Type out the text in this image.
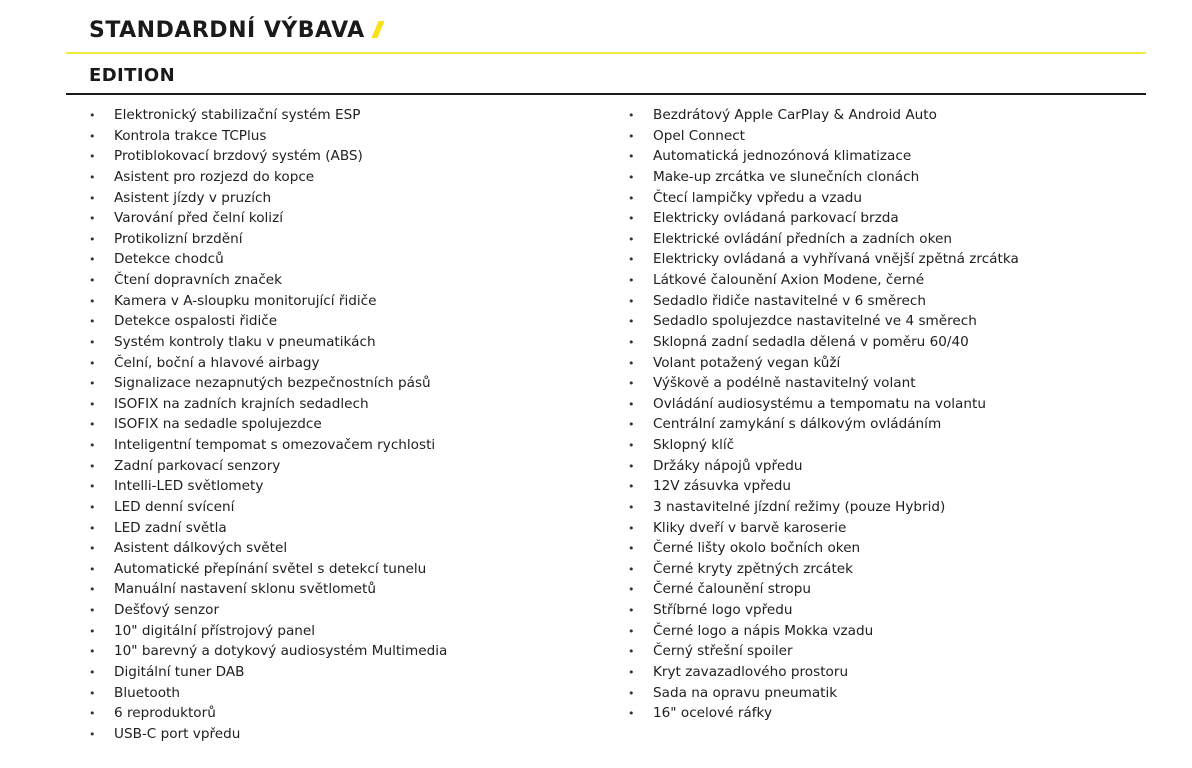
STANDARDNÍ VÝBAVA
EDITION
• Elektronický stabilizační systém ESP
• Kontrola trakce TCPlus
• Protiblokovací brzdový systém (ABS)
• Asistent pro rozjezd do kopce
• Asistent jízdy v pruzích
• Varování před čelní kolizí
• Protikolizní brzdění
• Detekce chodců
• Čtení dopravních značek
• Kamera v A-sloupku monitorující řidiče
• Detekce ospalosti řidiče
• Systém kontroly tlaku v pneumatikách
• Čelní, boční a hlavové airbagy
• Signalizace nezapnutých bezpečnostních pásů
• ISOFIX na zadních krajních sedadlech
• ISOFIX na sedadle spolujezdce
• Inteligentní tempomat s omezovačem rychlosti
• Zadní parkovací senzory
• Intelli-LED světlomety
• LED denní svícení
• LED zadní světla
• Asistent dálkových světel
• Automatické přepínání světel s detekcí tunelu
• Manuální nastavení sklonu světlometů
• Dešťový senzor
• 10" digitální přístrojový panel
• 10" barevný a dotykový audiosystém Multimedia
• Digitální tuner DAB
• Bluetooth
• 6 reproduktorů
• USB-C port vpředu
• Bezdrátový Apple CarPlay & Android Auto
• Opel Connect
• Automatická jednozónová klimatizace
• Make-up zrcátka ve slunečních clonách
• Čtecí lampičky vpředu a vzadu
• Elektricky ovládaná parkovací brzda
• Elektrické ovládání předních a zadních oken
• Elektricky ovládaná a vyhřívaná vnější zpětná zrcátka
• Látkové čalounění Axion Modene, černé
• Sedadlo řidiče nastavitelné v 6 směrech
• Sedadlo spolujezdce nastavitelné ve 4 směrech
• Sklopná zadní sedadla dělená v poměru 60/40
• Volant potažený vegan kůží
• Výškově a podélně nastavitelný volant
• Ovládání audiosystému a tempomatu na volantu
• Centrální zamykání s dálkovým ovládáním
• Sklopný klíč
• Držáky nápojů vpředu
• 12V zásuvka vpředu
• 3 nastavitelné jízdní režimy (pouze Hybrid)
• Kliky dveří v barvě karoserie
• Černé lišty okolo bočních oken
• Černé kryty zpětných zrcátek
• Černé čalounění stropu
• Stříbrné logo vpředu
• Černé logo a nápis Mokka vzadu
• Černý střešní spoiler
• Kryt zavazadlového prostoru
• Sada na opravu pneumatik
• 16" ocelové ráfky
